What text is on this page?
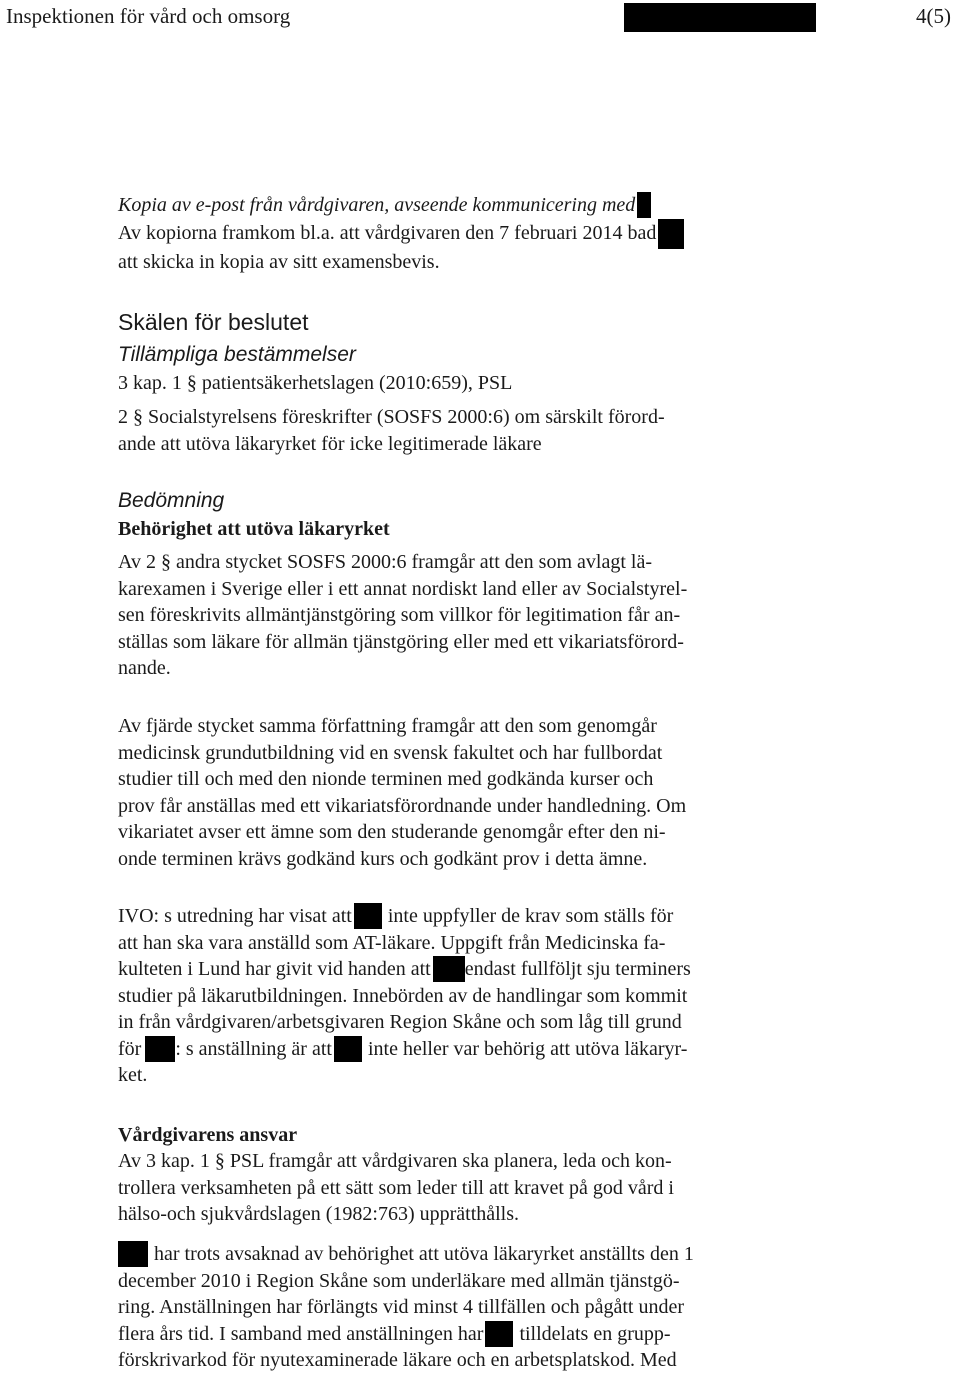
Inspektionen för vård och omsorg	4(5)
Kopia av e-post från vårdgivaren, avseende kommunicering med
Av kopiorna framkom bl.a. att vårdgivaren den 7 februari 2014 bad
att skicka in kopia av sitt examensbevis.
Skälen för beslutet
Tillämpliga bestämmelser
3 kap. 1 § patientsäkerhetslagen (2010:659), PSL
2 § Socialstyrelsens föreskrifter (SOSFS 2000:6) om särskilt förord-
ande att utöva läkaryrket för icke legitimerade läkare
Bedömning
Behörighet att utöva läkaryrket
Av 2 § andra stycket SOSFS 2000:6 framgår att den som avlagt lä-
karexamen i Sverige eller i ett annat nordiskt land eller av Socialstyrel-
sen föreskrivits allmäntjänstgöring som villkor för legitimation får an-
ställas som läkare för allmän tjänstgöring eller med ett vikariatsförord-
nande.
Av fjärde stycket samma författning framgår att den som genomgår
medicinsk grundutbildning vid en svensk fakultet och har fullbordat
studier till och med den nionde terminen med godkända kurser och
prov får anställas med ett vikariatsförordnande under handledning. Om
vikariatet avser ett ämne som den studerande genomgår efter den ni-
onde terminen krävs godkänd kurs och godkänt prov i detta ämne.
IVO: s utredning har visat att inte uppfyller de krav som ställs för
att han ska vara anställd som AT-läkare. Uppgift från Medicinska fa-
kulteten i Lund har givit vid handen att endast fullföljt sju terminers
studier på läkarutbildningen. Innebörden av de handlingar som kommit
in från vårdgivaren/arbetsgivaren Region Skåne och som låg till grund
för : s anställning är att inte heller var behörig att utöva läkaryr-
ket.
Vårdgivarens ansvar
Av 3 kap. 1 § PSL framgår att vårdgivaren ska planera, leda och kon-
trollera verksamheten på ett sätt som leder till att kravet på god vård i
hälso-och sjukvårdslagen (1982:763) upprätthålls.
har trots avsaknad av behörighet att utöva läkaryrket anställts den 1
december 2010 i Region Skåne som underläkare med allmän tjänstgö-
ring. Anställningen har förlängts vid minst 4 tillfällen och pågått under
flera års tid. I samband med anställningen har tilldelats en grupp-
förskrivarkod för nyutexaminerade läkare och en arbetsplatskod. Med
